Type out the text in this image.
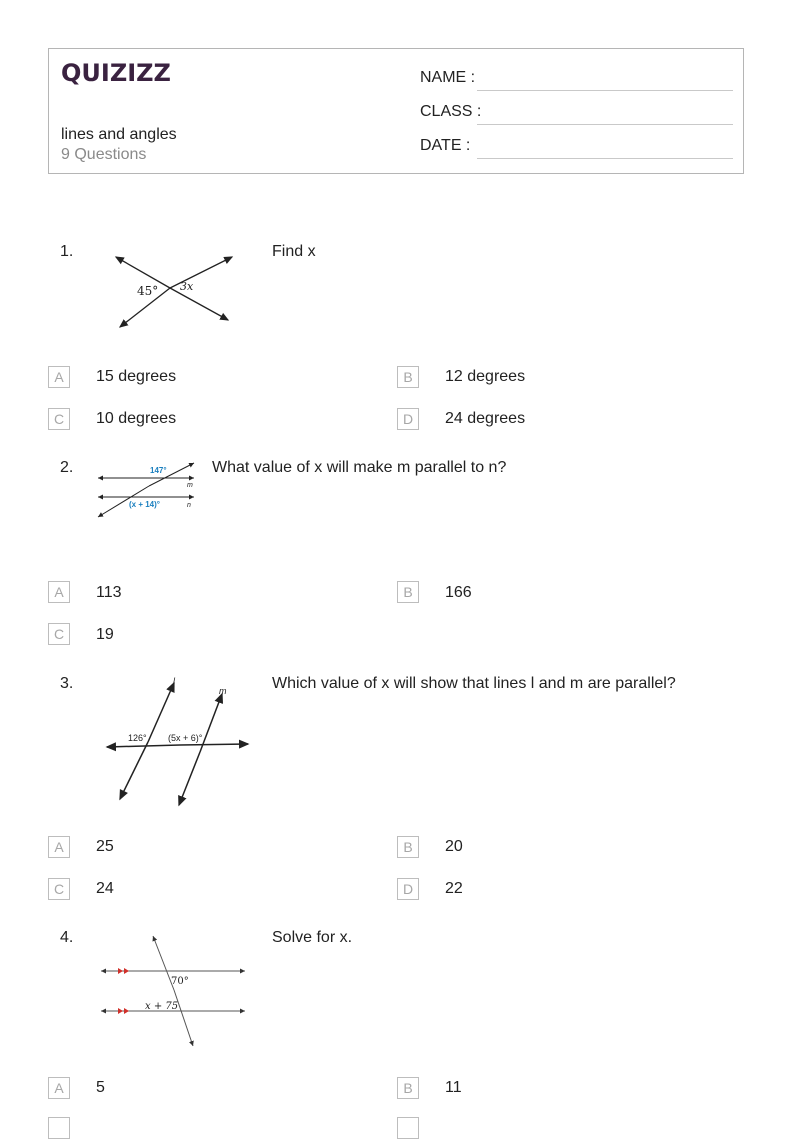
QUIZIZZ
lines and angles
9 Questions
NAME :
CLASS :
DATE :
1.
45° 3x
Find x
A	15 degrees	B	12 degrees
C	10 degrees	D	24 degrees
2.	147°
m
(x + 14)°	n
What value of x will make m parallel to n?
A	113	B	166
C	19
3.	l
m
126° (5x + 6)°
Which value of x will show that lines l and m are parallel?
A	25	B	20
C	24	D	22
4.
70°
x + 75
Solve for x.
A	5	B	11
